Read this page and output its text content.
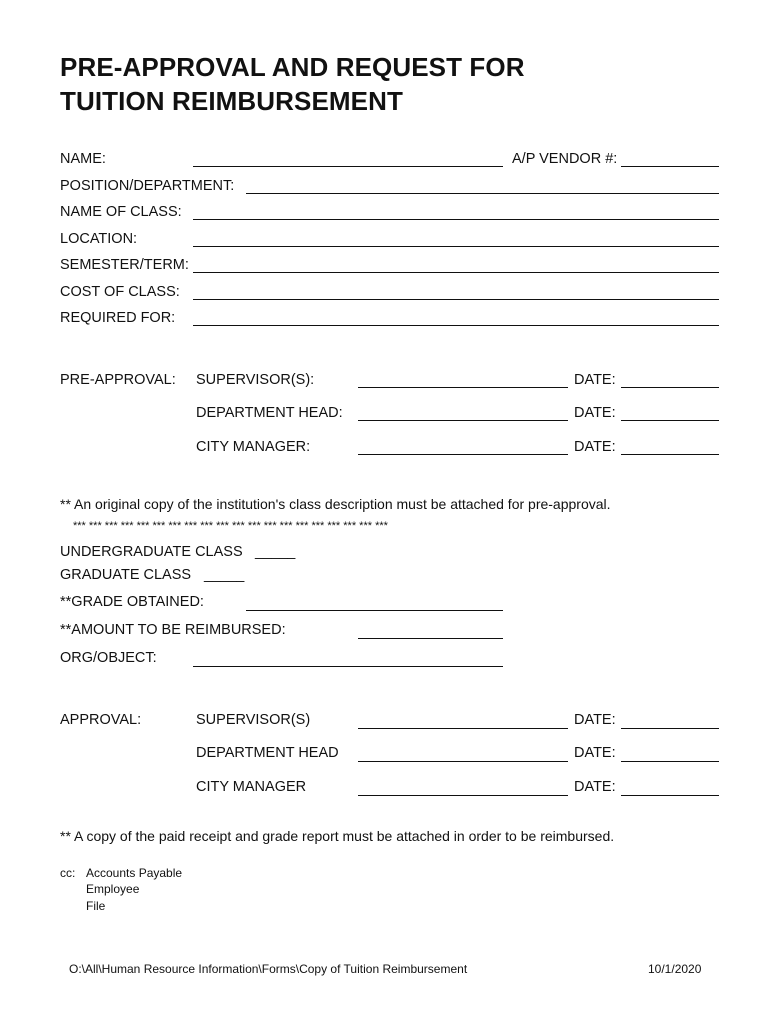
PRE-APPROVAL AND REQUEST FOR
TUITION REIMBURSEMENT
NAME:	A/P VENDOR #:
POSITION/DEPARTMENT:
NAME OF CLASS:
LOCATION:
SEMESTER/TERM:
COST OF CLASS:
REQUIRED FOR:
PRE-APPROVAL: SUPERVISOR(S):	DATE:
DEPARTMENT HEAD:	DATE:
CITY MANAGER:	DATE:
** An original copy of the institution's class description must be attached for pre-approval.
*** *** *** *** *** *** *** *** *** *** *** *** *** *** *** *** *** *** *** ***
UNDERGRADUATE CLASS _____
GRADUATE CLASS _____
**GRADE OBTAINED:
**AMOUNT TO BE REIMBURSED:
ORG/OBJECT:
APPROVAL:	SUPERVISOR(S)	DATE:
DEPARTMENT HEAD	DATE:
CITY MANAGER	DATE:
** A copy of the paid receipt and grade report must be attached in order to be reimbursed.
cc: Accounts Payable
Employee
File
O:\All\Human Resource Information\Forms\Copy of Tuition Reimbursement	10/1/2020
